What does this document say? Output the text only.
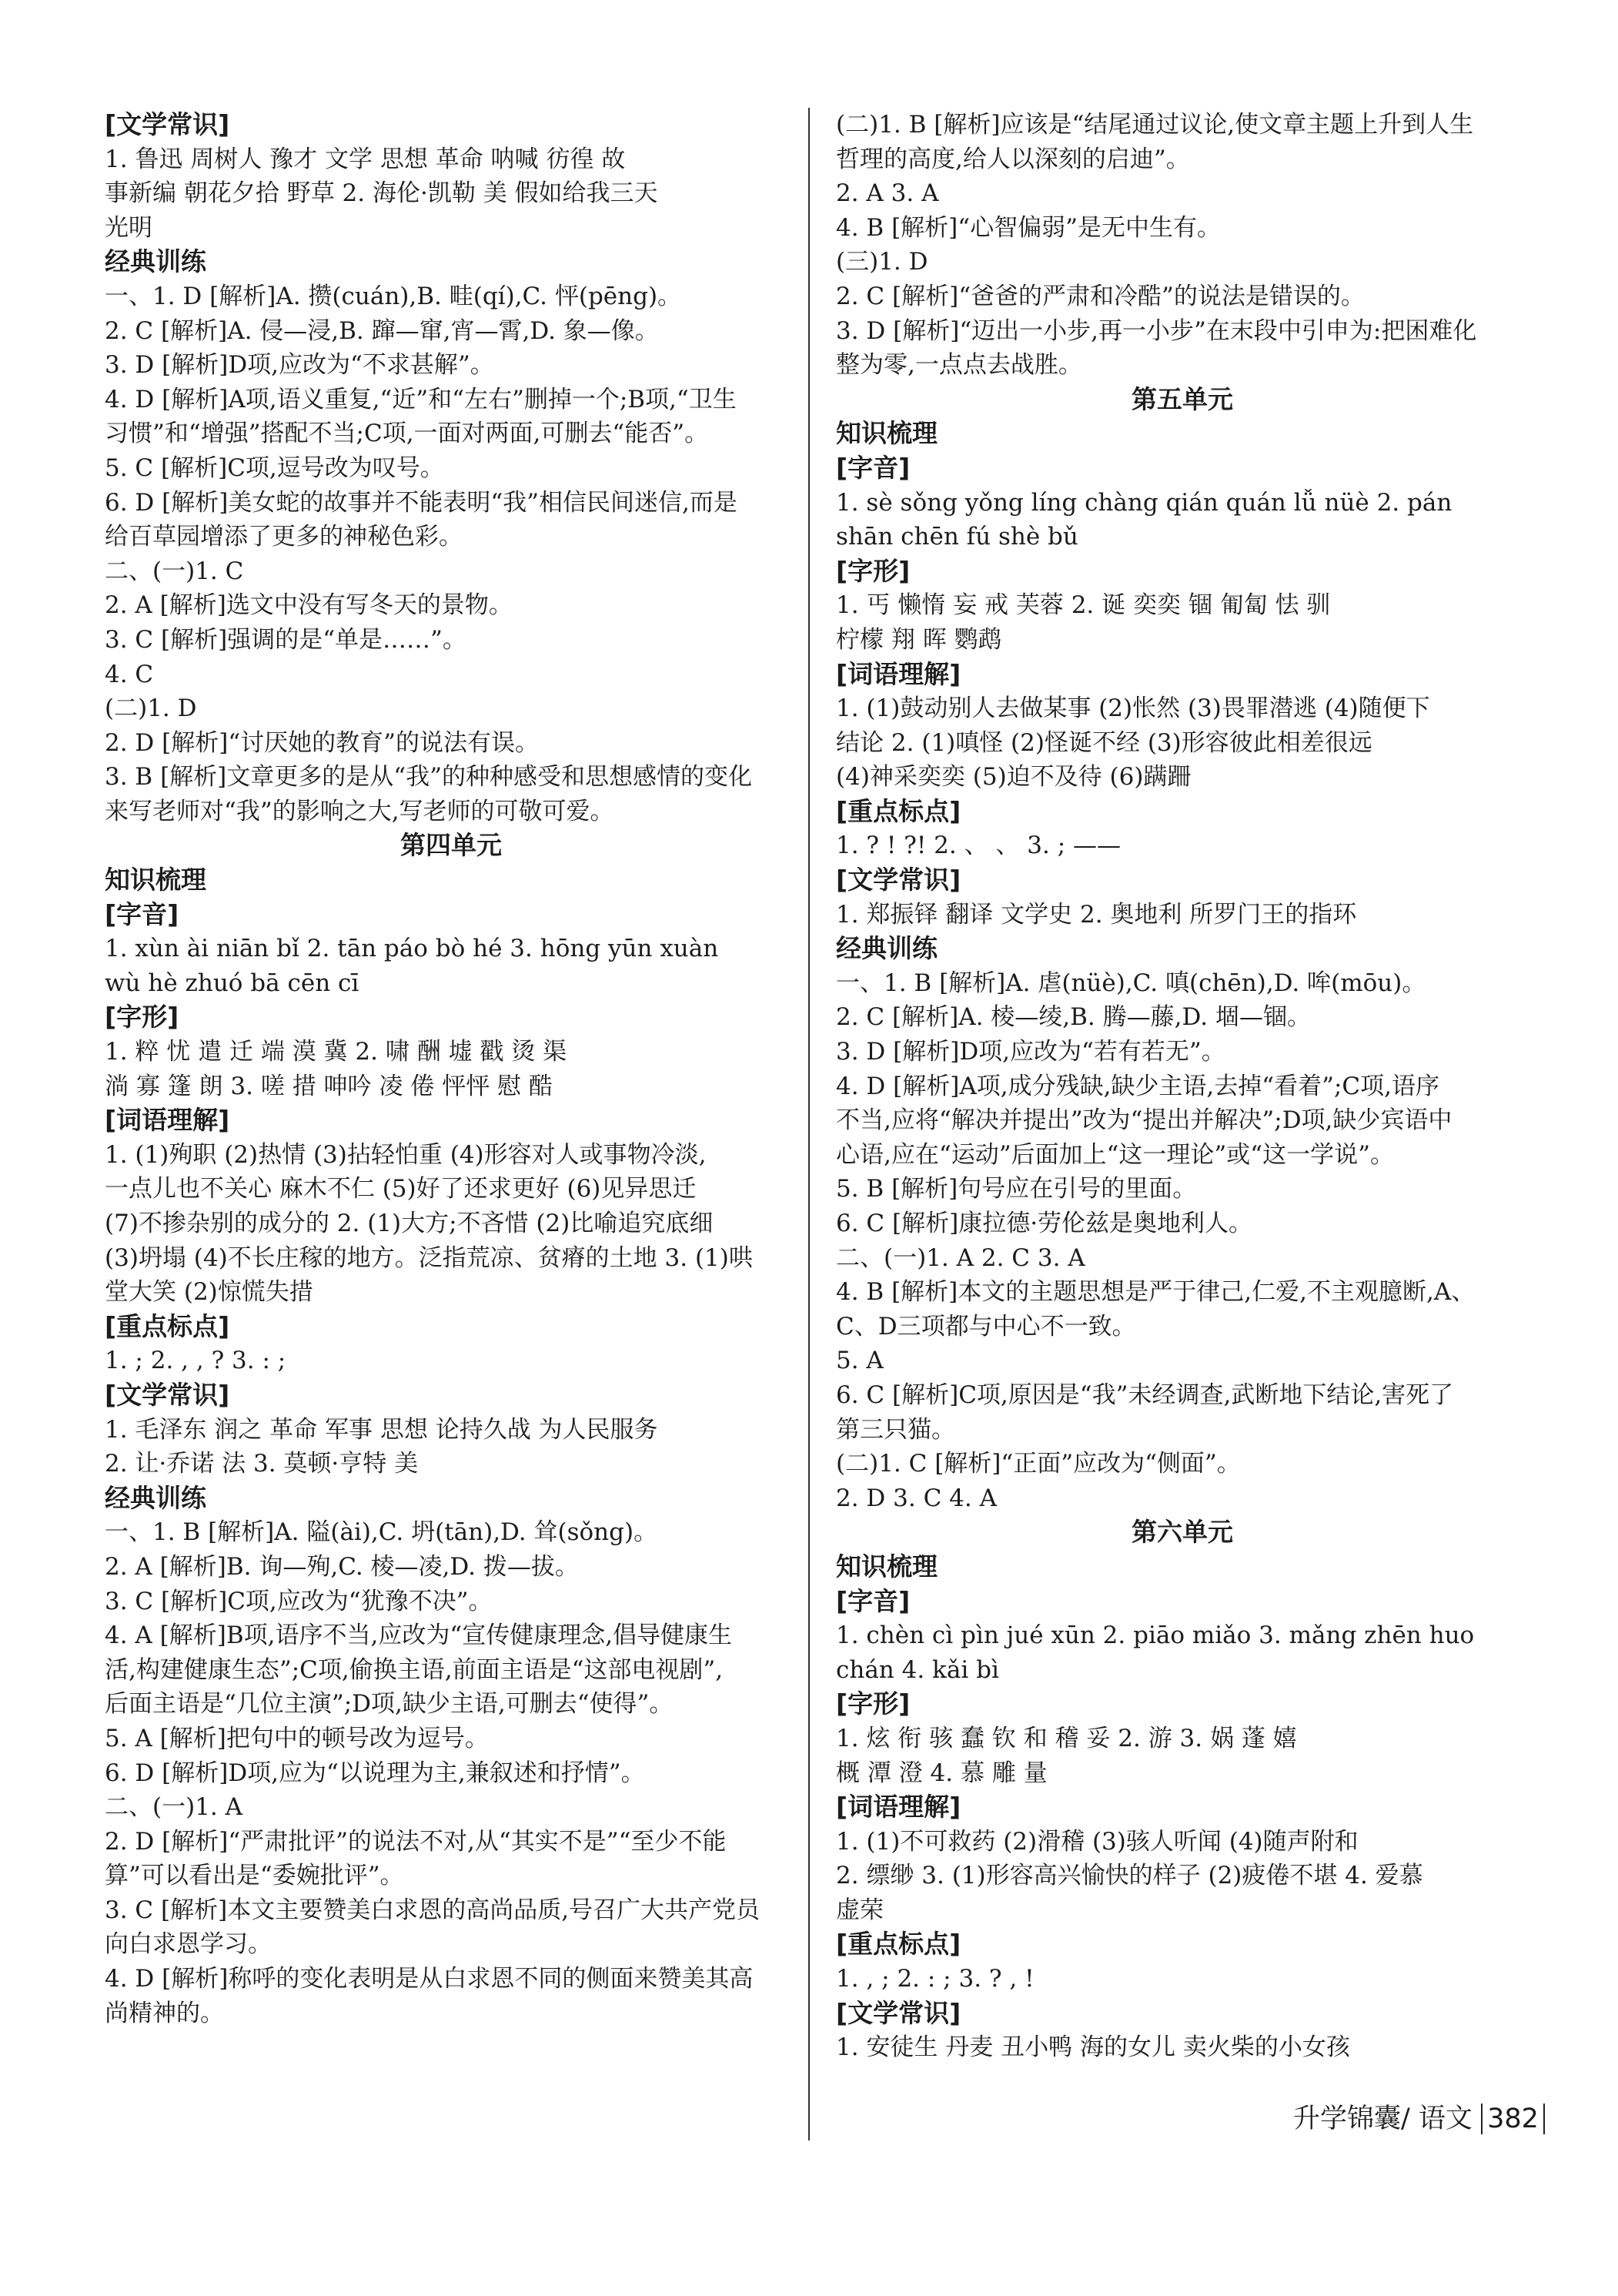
[文学常识]
1. 鲁迅 周树人 豫才 文学 思想 革命 呐喊 彷徨 故
事新编 朝花夕拾 野草 2. 海伦·凯勒 美 假如给我三天
光明
经典训练
一、1. D [解析]A. 攒(cuán),B. 畦(qí),C. 怦(pēng)。
2. C [解析]A. 侵—浸,B. 蹿—窜,宵—霄,D. 象—像。
3. D [解析]D项,应改为“不求甚解”。
4. D [解析]A项,语义重复,“近”和“左右”删掉一个;B项,“卫生
习惯”和“增强”搭配不当;C项,一面对两面,可删去“能否”。
5. C [解析]C项,逗号改为叹号。
6. D [解析]美女蛇的故事并不能表明“我”相信民间迷信,而是
给百草园增添了更多的神秘色彩。
二、(一)1. C
2. A [解析]选文中没有写冬天的景物。
3. C [解析]强调的是“单是……”。
4. C
(二)1. D
2. D [解析]“讨厌她的教育”的说法有误。
3. B [解析]文章更多的是从“我”的种种感受和思想感情的变化
来写老师对“我”的影响之大,写老师的可敬可爱。
第四单元
知识梳理
[字音]
1. xùn ài niān bǐ 2. tān páo bò hé 3. hōng yūn xuàn
wù hè zhuó bā cēn cī
[字形]
1. 粹 忧 遣 迁 端 漠 冀 2. 啸 酬 墟 戳 烫 渠
淌 寡 篷 朗 3. 嗟 措 呻吟 凌 倦 怦怦 慰 酷
[词语理解]
1. (1)殉职 (2)热情 (3)拈轻怕重 (4)形容对人或事物冷淡,
一点儿也不关心 麻木不仁 (5)好了还求更好 (6)见异思迁
(7)不掺杂别的成分的 2. (1)大方;不吝惜 (2)比喻追究底细
(3)坍塌 (4)不长庄稼的地方。泛指荒凉、贫瘠的土地 3. (1)哄
堂大笑 (2)惊慌失措
[重点标点]
1. ; 2. , , ? 3. : ;
[文学常识]
1. 毛泽东 润之 革命 军事 思想 论持久战 为人民服务
2. 让·乔诺 法 3. 莫顿·亨特 美
经典训练
一、1. B [解析]A. 隘(ài),C. 坍(tān),D. 耸(sǒng)。
2. A [解析]B. 询—殉,C. 棱—凌,D. 拨—拔。
3. C [解析]C项,应改为“犹豫不决”。
4. A [解析]B项,语序不当,应改为“宣传健康理念,倡导健康生
活,构建健康生态”;C项,偷换主语,前面主语是“这部电视剧”,
后面主语是“几位主演”;D项,缺少主语,可删去“使得”。
5. A [解析]把句中的顿号改为逗号。
6. D [解析]D项,应为“以说理为主,兼叙述和抒情”。
二、(一)1. A
2. D [解析]“严肃批评”的说法不对,从“其实不是”“至少不能
算”可以看出是“委婉批评”。
3. C [解析]本文主要赞美白求恩的高尚品质,号召广大共产党员
向白求恩学习。
4. D [解析]称呼的变化表明是从白求恩不同的侧面来赞美其高
尚精神的。
(二)1. B [解析]应该是“结尾通过议论,使文章主题上升到人生
哲理的高度,给人以深刻的启迪”。
2. A 3. A
4. B [解析]“心智偏弱”是无中生有。
(三)1. D
2. C [解析]“爸爸的严肃和冷酷”的说法是错误的。
3. D [解析]“迈出一小步,再一小步”在末段中引申为:把困难化
整为零,一点点去战胜。
第五单元
知识梳理
[字音]
1. sè sǒng yǒng líng chàng qián quán lǚ nüè 2. pán
shān chēn fú shè bǔ
[字形]
1. 丐 懒惰 妄 戒 芙蓉 2. 诞 奕奕 锢 匍匐 怯 驯
柠檬 翔 晖 鹦鹉
[词语理解]
1. (1)鼓动别人去做某事 (2)怅然 (3)畏罪潜逃 (4)随便下
结论 2. (1)嗔怪 (2)怪诞不经 (3)形容彼此相差很远
(4)神采奕奕 (5)迫不及待 (6)蹒跚
[重点标点]
1. ? ! ?! 2. 、 、 3. ; ——
[文学常识]
1. 郑振铎 翻译 文学史 2. 奥地利 所罗门王的指环
经典训练
一、1. B [解析]A. 虐(nüè),C. 嗔(chēn),D. 哞(mōu)。
2. C [解析]A. 棱—绫,B. 腾—藤,D. 堌—锢。
3. D [解析]D项,应改为“若有若无”。
4. D [解析]A项,成分残缺,缺少主语,去掉“看着”;C项,语序
不当,应将“解决并提出”改为“提出并解决”;D项,缺少宾语中
心语,应在“运动”后面加上“这一理论”或“这一学说”。
5. B [解析]句号应在引号的里面。
6. C [解析]康拉德·劳伦兹是奥地利人。
二、(一)1. A 2. C 3. A
4. B [解析]本文的主题思想是严于律己,仁爱,不主观臆断,A、
C、D三项都与中心不一致。
5. A
6. C [解析]C项,原因是“我”未经调查,武断地下结论,害死了
第三只猫。
(二)1. C [解析]“正面”应改为“侧面”。
2. D 3. C 4. A
第六单元
知识梳理
[字音]
1. chèn cì pìn jué xūn 2. piāo miǎo 3. mǎng zhēn huo
chán 4. kǎi bì
[字形]
1. 炫 衔 骇 蠢 钦 和 稽 妥 2. 游 3. 娲 蓬 嬉
概 潭 澄 4. 慕 雕 量
[词语理解]
1. (1)不可救药 (2)滑稽 (3)骇人听闻 (4)随声附和
2. 缥缈 3. (1)形容高兴愉快的样子 (2)疲倦不堪 4. 爱慕
虚荣
[重点标点]
1. , ; 2. : ; 3. ? , !
[文学常识]
1. 安徒生 丹麦 丑小鸭 海的女儿 卖火柴的小女孩
升学锦囊/ 语文 382
